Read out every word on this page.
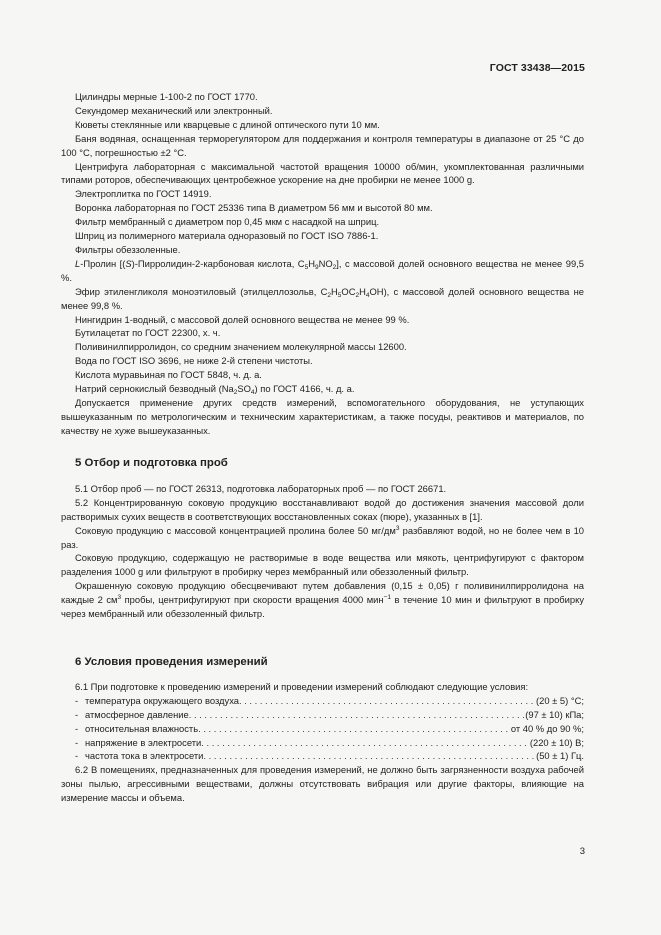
ГОСТ 33438—2015

Цилиндры мерные 1-100-2 по ГОСТ 1770.

Секундомер механический или электронный.

Кюветы стеклянные или кварцевые с длиной оптического пути 10 мм.

Баня водяная, оснащенная терморегулятором для поддержания и контроля температуры в диапазоне от 25 °C до 100 °C, погрешностью ±2 °C.

Центрифуга лабораторная с максимальной частотой вращения 10000 об/мин, укомплектованная различными типами роторов, обеспечивающих центробежное ускорение на дне пробирки не менее 1000 g.

Электроплитка по ГОСТ 14919.

Воронка лабораторная по ГОСТ 25336 типа В диаметром 56 мм и высотой 80 мм.

Фильтр мембранный с диаметром пор 0,45 мкм с насадкой на шприц.

Шприц из полимерного материала одноразовый по ГОСТ ISO 7886-1.

Фильтры обеззоленные.

L-Пролин [(S)-Пирролидин-2-карбоновая кислота, $C_5H_9NO_2$], с массовой долей основного вещества не менее 99,5 %.

Эфир этиленгликоля моноэтиловый (этилцеллозольв, $C_2H_5OC_2H_4OH$), с массовой долей основного вещества не менее 99,8 %.

Нингидрин 1-водный, с массовой долей основного вещества не менее 99 %.

Бутилацетат по ГОСТ 22300, х. ч.

Поливинилпирролидон, со средним значением молекулярной массы 12600.

Вода по ГОСТ ISO 3696, не ниже 2-й степени чистоты.

Кислота муравьиная по ГОСТ 5848, ч. д. а.

Натрий сернокислый безводный $(Na_2SO_4)$ по ГОСТ 4166, ч. д. а.

Допускается применение других средств измерений, вспомогательного оборудования, не уступающих вышеуказанным по метрологическим и техническим характеристикам, а также посуды, реактивов и материалов, по качеству не хуже вышеуказанных.

5 Отбор и подготовка проб

5.1 Отбор проб — по ГОСТ 26313, подготовка лабораторных проб — по ГОСТ 26671.

5.2 Концентрированную соковую продукцию восстанавливают водой до достижения значения массовой доли растворимых сухих веществ в соответствующих восстановленных соках (пюре), указанных в [1].

Соковую продукцию с массовой концентрацией пролина более 50 $мг/дм^3$ разбавляют водой, но не более чем в 10 раз.

Соковую продукцию, содержащую не растворимые в воде вещества или мякоть, центрифугируют с фактором разделения 1000 g или фильтруют в пробирку через мембранный или обеззоленный фильтр.

Окрашенную соковую продукцию обесцвечивают путем добавления (0,15 ± 0,05) г поливинилпирролидона на каждые 2 $см^3$ пробы, центрифугируют при скорости вращения 4000 мин$^{-1}$ в течение 10 мин и фильтруют в пробирку через мембранный или обеззоленный фильтр.

6 Условия проведения измерений

6.1 При подготовке к проведению измерений и проведении измерений соблюдают следующие условия:

- температура окружающего воздуха . . .	(20 ± 5) °C;
- атмосферное давление . . .	(97 ± 10) кПа;
- относительная влажность . . .	от 40 % до 90 %;
- напряжение в электросети . . .	(220 ± 10) В;
- частота тока в электросети . . .	(50 ± 1) Гц.

6.2 В помещениях, предназначенных для проведения измерений, не должно быть загрязненности воздуха рабочей зоны пылью, агрессивными веществами, должны отсутствовать вибрация или другие факторы, влияющие на измерение массы и объема.

3
